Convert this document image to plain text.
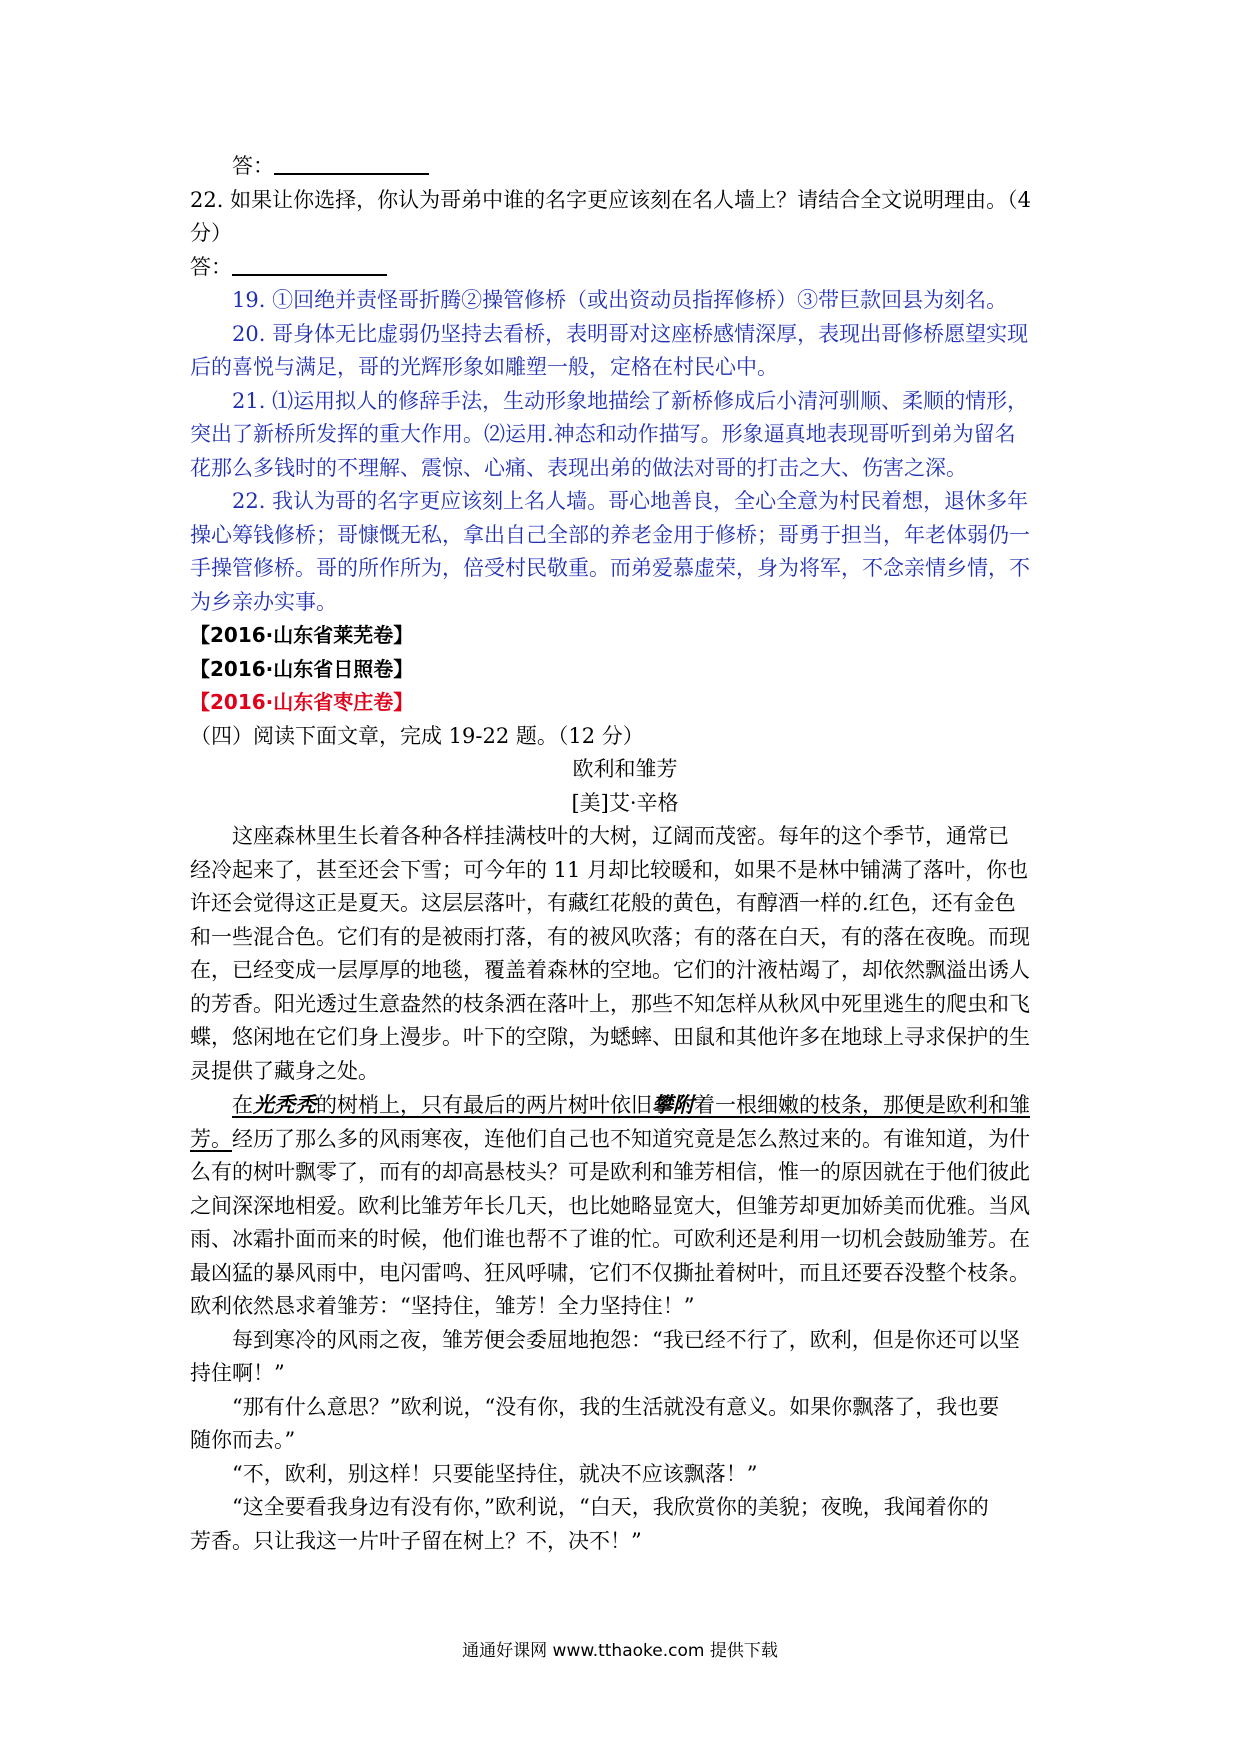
答：

22. 如果让你选择，你认为哥弟中谁的名字更应该刻在名人墙上？请结合全文说明理由。（4

分）

答：

19. ①回绝并责怪哥折腾②操管修桥（或出资动员指挥修桥）③带巨款回县为刻名。

20. 哥身体无比虚弱仍坚持去看桥，表明哥对这座桥感情深厚，表现出哥修桥愿望实现

后的喜悦与满足，哥的光辉形象如雕塑一般，定格在村民心中。

21. ⑴运用拟人的修辞手法，生动形象地描绘了新桥修成后小清河驯顺、柔顺的情形，

突出了新桥所发挥的重大作用。⑵运用.神态和动作描写。形象逼真地表现哥听到弟为留名

花那么多钱时的不理解、震惊、心痛、表现出弟的做法对哥的打击之大、伤害之深。

22. 我认为哥的名字更应该刻上名人墙。哥心地善良，全心全意为村民着想，退休多年

操心筹钱修桥；哥慷慨无私，拿出自己全部的养老金用于修桥；哥勇于担当，年老体弱仍一

手操管修桥。哥的所作所为，倍受村民敬重。而弟爱慕虚荣，身为将军，不念亲情乡情，不

为乡亲办实事。

【2016·山东省莱芜卷】

【2016·山东省日照卷】

【2016·山东省枣庄卷】

（四）阅读下面文章，完成 19-22 题。（12 分）

欧利和雏芳

[美]艾·辛格

这座森林里生长着各种各样挂满枝叶的大树，辽阔而茂密。每年的这个季节，通常已

经冷起来了，甚至还会下雪；可今年的 11 月却比较暖和，如果不是林中铺满了落叶，你也

许还会觉得这正是夏天。这层层落叶，有藏红花般的黄色，有醇酒一样的.红色，还有金色

和一些混合色。它们有的是被雨打落，有的被风吹落；有的落在白天，有的落在夜晚。而现

在，已经变成一层厚厚的地毯，覆盖着森林的空地。它们的汁液枯竭了，却依然飘溢出诱人

的芳香。阳光透过生意盎然的枝条洒在落叶上，那些不知怎样从秋风中死里逃生的爬虫和飞

蝶，悠闲地在它们身上漫步。叶下的空隙，为蟋蟀、田鼠和其他许多在地球上寻求保护的生

灵提供了藏身之处。

在光秃秃的树梢上，只有最后的两片树叶依旧攀附着一根细嫩的枝条，那便是欧利和雏

芳。经历了那么多的风雨寒夜，连他们自己也不知道究竟是怎么熬过来的。有谁知道，为什

么有的树叶飘零了，而有的却高悬枝头？可是欧利和雏芳相信，惟一的原因就在于他们彼此

之间深深地相爱。欧利比雏芳年长几天，也比她略显宽大，但雏芳却更加娇美而优雅。当风

雨、冰霜扑面而来的时候，他们谁也帮不了谁的忙。可欧利还是利用一切机会鼓励雏芳。在

最凶猛的暴风雨中，电闪雷鸣、狂风呼啸，它们不仅撕扯着树叶，而且还要吞没整个枝条。

欧利依然恳求着雏芳：“坚持住，雏芳！全力坚持住！”

每到寒冷的风雨之夜，雏芳便会委屈地抱怨：“我已经不行了，欧利，但是你还可以坚

持住啊！”

“那有什么意思？”欧利说，“没有你，我的生活就没有意义。如果你飘落了，我也要

随你而去。”

“不，欧利，别这样！只要能坚持住，就决不应该飘落！”

“这全要看我身边有没有你，”欧利说，“白天，我欣赏你的美貌；夜晚，我闻着你的

芳香。只让我这一片叶子留在树上？不，决不！”

通通好课网 www.tthaoke.com 提供下载
